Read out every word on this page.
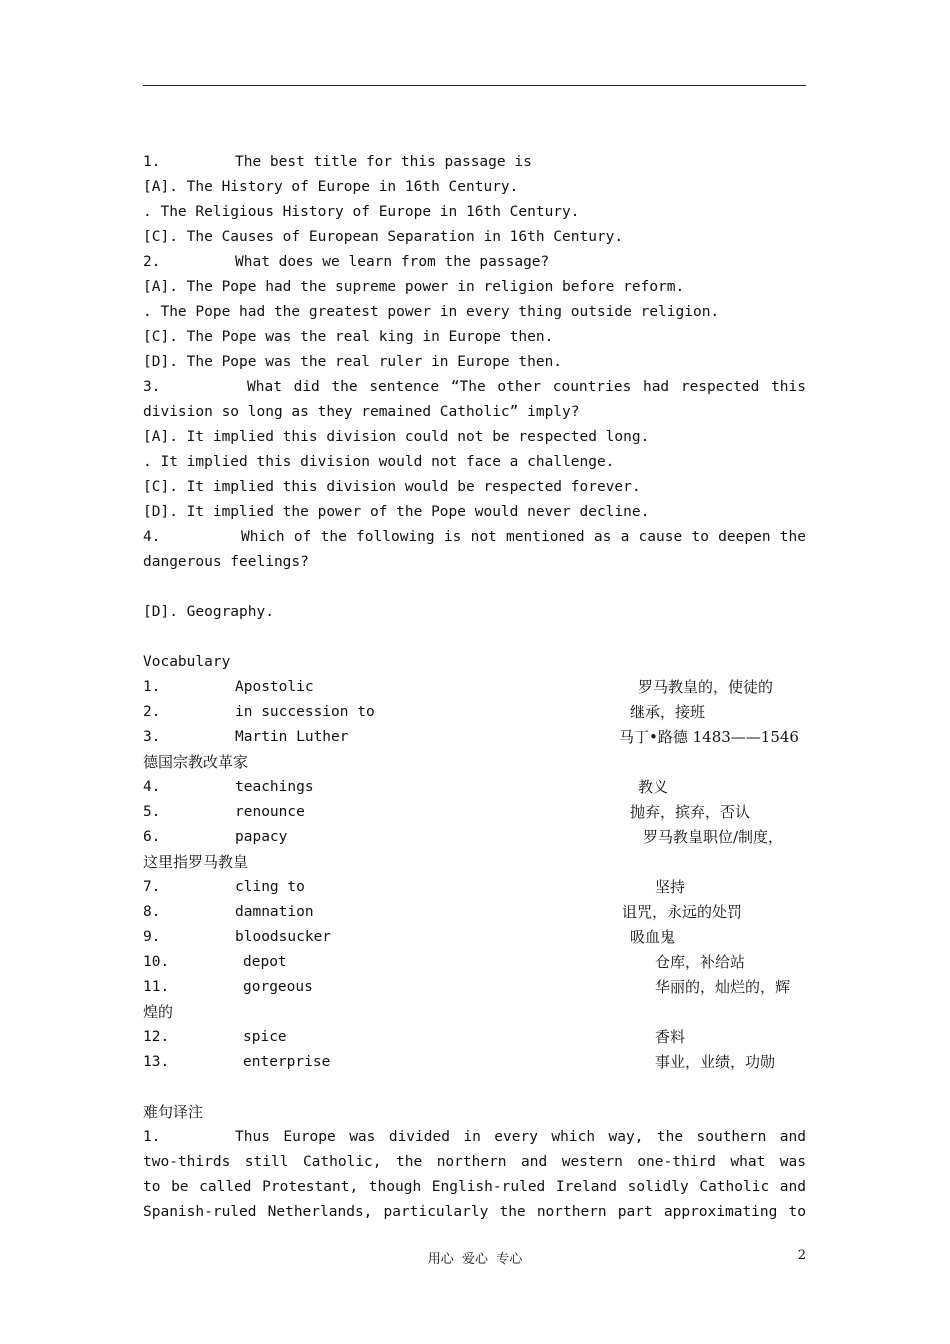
1.	The best title for this passage is
[A]. The History of Europe in 16th Century.
. The Religious History of Europe in 16th Century.
[C]. The Causes of European Separation in 16th Century.
2.	What does we learn from the passage?
[A]. The Pope had the supreme power in religion before reform.
. The Pope had the greatest power in every thing outside religion.
[C]. The Pope was the real king in Europe then.
[D]. The Pope was the real ruler in Europe then.
3.	What did the sentence “The other countries had respected this
division so long as they remained Catholic” imply?
[A]. It implied this division could not be respected long.
. It implied this division would not face a challenge.
[C]. It implied this division would be respected forever.
[D]. It implied the power of the Pope would never decline.
4.	Which of the following is not mentioned as a cause to deepen the
dangerous feelings?

[D]. Geography.
Vocabulary
1.	Apostolic	罗马教皇的，使徒的
2.	in succession to	继承，接班
3.	Martin Luther	马丁•路德 1483——1546
德国宗教改革家
4.	teachings	教义
5.	renounce	抛弃，摈弃，否认
6.	papacy	罗马教皇职位/制度，
这里指罗马教皇
7.	cling to	坚持
8.	damnation	诅咒，永远的处罚
9.	bloodsucker	吸血鬼
10.	depot	仓库，补给站
11.	gorgeous	华丽的，灿烂的，辉
煌的
12.	spice	香料
13.	enterprise	事业，业绩，功勋
难句译注
1.	Thus Europe was divided in every which way, the southern and
two-thirds still Catholic, the northern and western one-third what was
to be called Protestant, though English-ruled Ireland solidly Catholic and
Spanish-ruled Netherlands, particularly the northern part approximating to
用心  爱心  专心	2
